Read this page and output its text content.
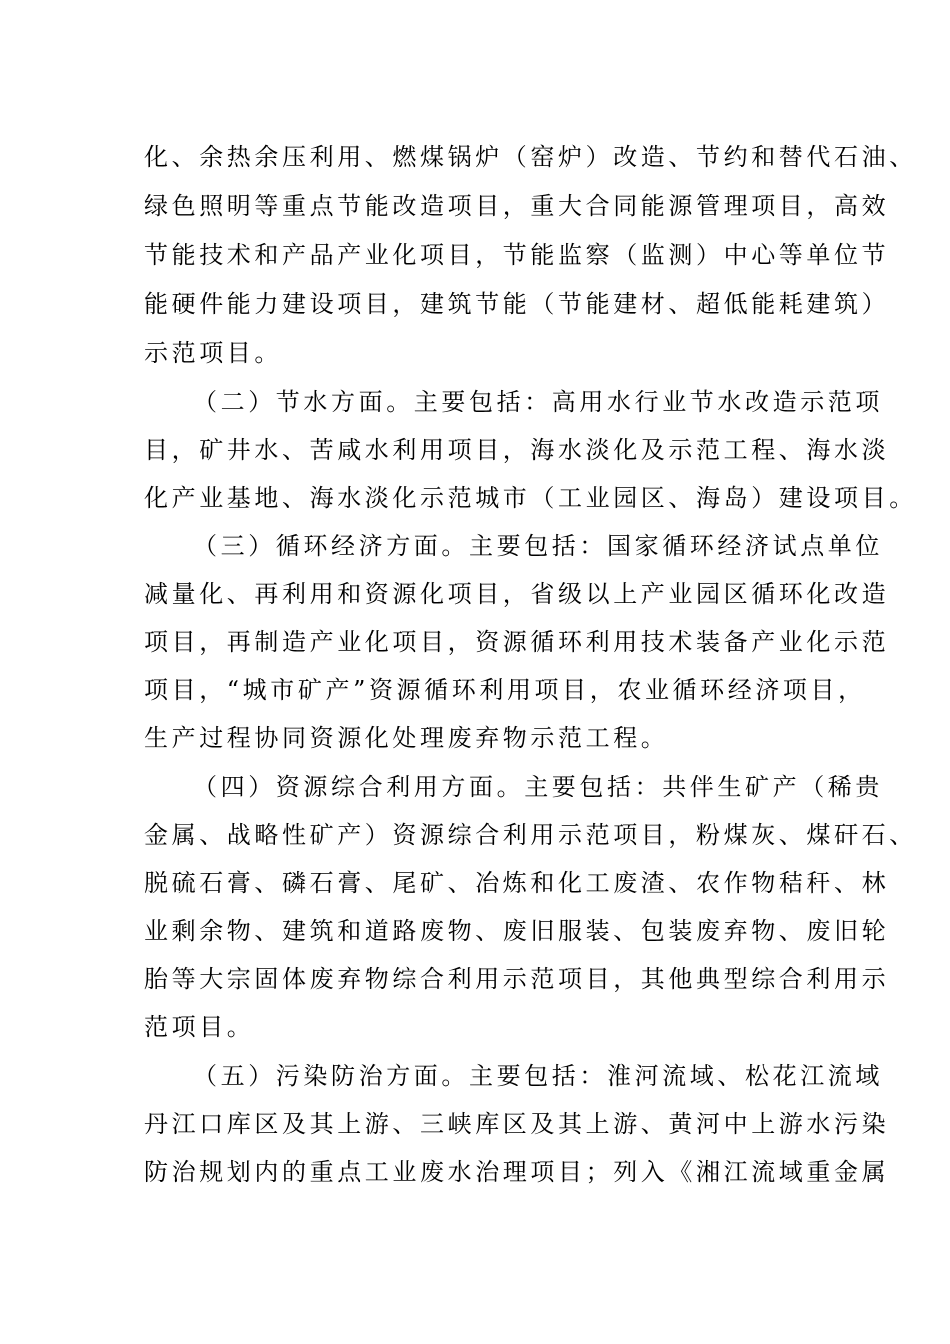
化、余热余压利用、燃煤锅炉（窑炉）改造、节约和替代石油、
绿色照明等重点节能改造项目，重大合同能源管理项目，高效
节能技术和产品产业化项目，节能监察（监测）中心等单位节
能硬件能力建设项目，建筑节能（节能建材、超低能耗建筑）
示范项目。
（二）节水方面。主要包括：高用水行业节水改造示范项
目，矿井水、苦咸水利用项目，海水淡化及示范工程、海水淡
化产业基地、海水淡化示范城市（工业园区、海岛）建设项目。
（三）循环经济方面。主要包括：国家循环经济试点单位
减量化、再利用和资源化项目，省级以上产业园区循环化改造
项目，再制造产业化项目，资源循环利用技术装备产业化示范
项目，“城市矿产”资源循环利用项目，农业循环经济项目，
生产过程协同资源化处理废弃物示范工程。
（四）资源综合利用方面。主要包括：共伴生矿产（稀贵
金属、战略性矿产）资源综合利用示范项目，粉煤灰、煤矸石、
脱硫石膏、磷石膏、尾矿、冶炼和化工废渣、农作物秸秆、林
业剩余物、建筑和道路废物、废旧服装、包装废弃物、废旧轮
胎等大宗固体废弃物综合利用示范项目，其他典型综合利用示
范项目。
（五）污染防治方面。主要包括：淮河流域、松花江流域
丹江口库区及其上游、三峡库区及其上游、黄河中上游水污染
防治规划内的重点工业废水治理项目；列入《湘江流域重金属
